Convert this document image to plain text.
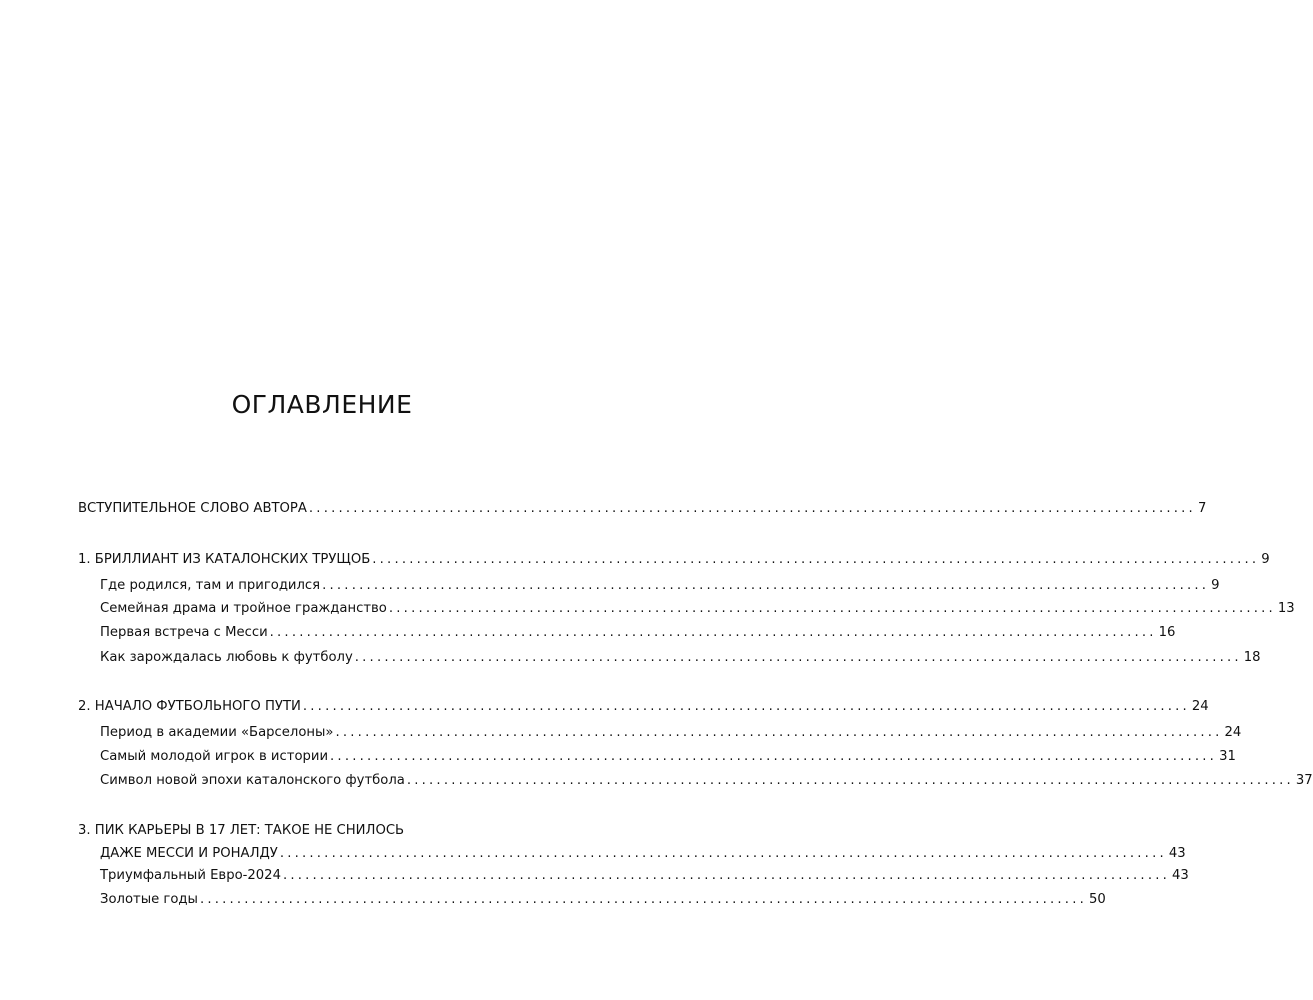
ОГЛАВЛЕНИЕ
ВСТУПИТЕЛЬНОЕ СЛОВО АВТОРА ........................................................................................................................ 7
1. БРИЛЛИАНТ ИЗ КАТАЛОНСКИХ ТРУЩОБ ........................................................................................................................ 9
Где родился, там и пригодился ........................................................................................................................ 9
Семейная драма и тройное гражданство ........................................................................................................................ 13
Первая встреча с Месси ........................................................................................................................ 16
Как зарождалась любовь к футболу ........................................................................................................................ 18
2. НАЧАЛО ФУТБОЛЬНОГО ПУТИ ........................................................................................................................ 24
Период в академии «Барселоны» ........................................................................................................................ 24
Самый молодой игрок в истории ........................................................................................................................ 31
Символ новой эпохи каталонского футбола ........................................................................................................................ 37
3. ПИК КАРЬЕРЫ В 17 ЛЕТ: ТАКОЕ НЕ СНИЛОСЬ
ДАЖЕ МЕССИ И РОНАЛДУ ........................................................................................................................ 43
Триумфальный Евро-2024 ........................................................................................................................ 43
Золотые годы ........................................................................................................................ 50
